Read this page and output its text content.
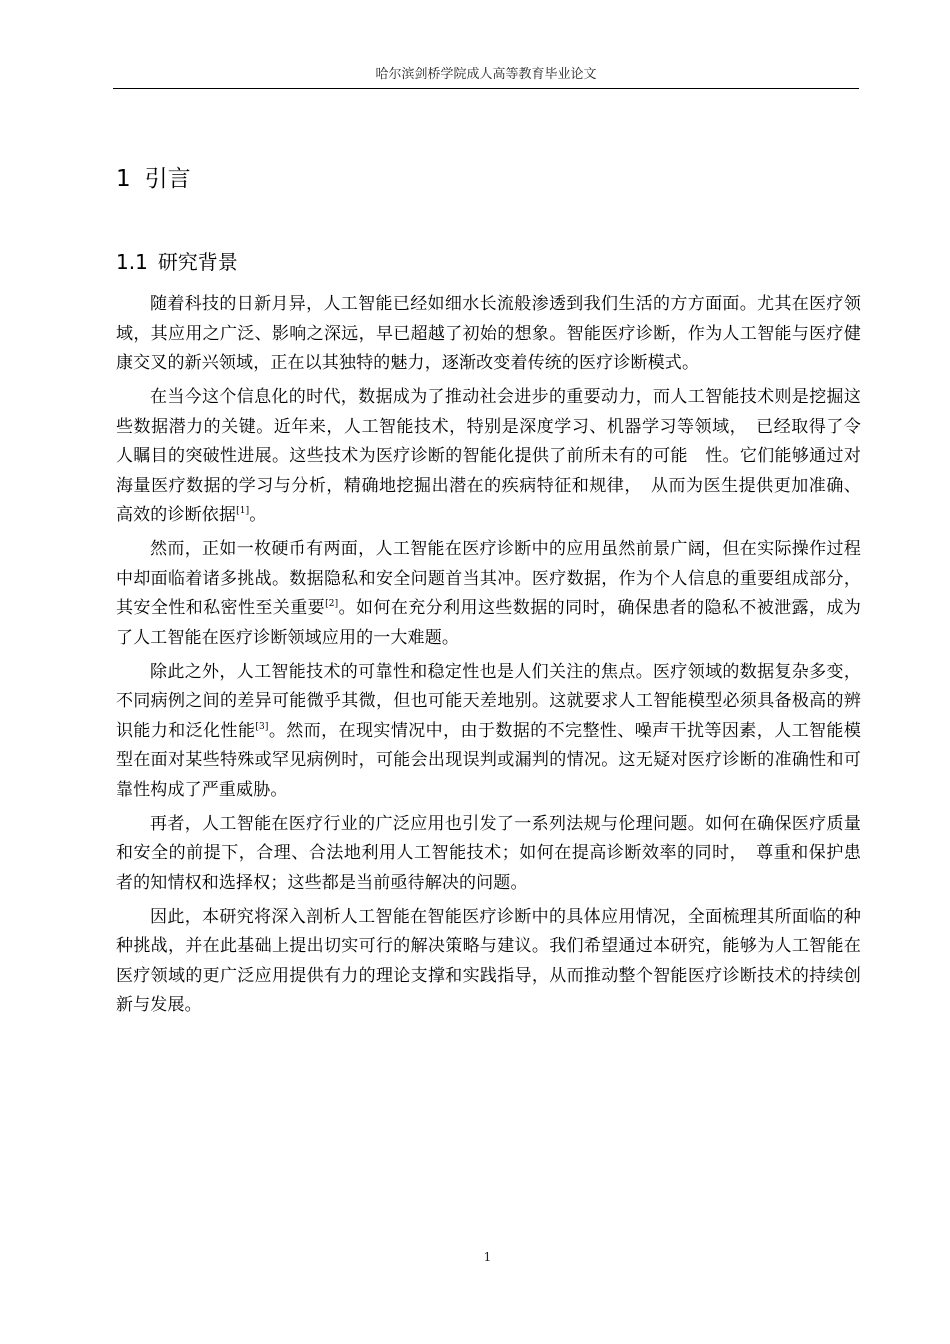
哈尔滨剑桥学院成人高等教育毕业论文
1 引言
1.1 研究背景

随着科技的日新月异，人工智能已经如细水长流般渗透到我们生活的方方面面。尤其在医疗领域，其应用之广泛、影响之深远，早已超越了初始的想象。智能医疗诊断，作为人工智能与医疗健康交叉的新兴领域，正在以其独特的魅力，逐渐改变着传统的医疗诊断模式。

在当今这个信息化的时代，数据成为了推动社会进步的重要动力，而人工智能技术则是挖掘这些数据潜力的关键。近年来，人工智能技术，特别是深度学习、机器学习等领域，　已经取得了令人瞩目的突破性进展。这些技术为医疗诊断的智能化提供了前所未有的可能　性。它们能够通过对海量医疗数据的学习与分析，精确地挖掘出潜在的疾病特征和规律，　从而为医生提供更加准确、高效的诊断依据[1]。

然而，正如一枚硬币有两面，人工智能在医疗诊断中的应用虽然前景广阔，但在实际操作过程中却面临着诸多挑战。数据隐私和安全问题首当其冲。医疗数据，作为个人信息的重要组成部分，其安全性和私密性至关重要[2]。如何在充分利用这些数据的同时，确保患者的隐私不被泄露，成为了人工智能在医疗诊断领域应用的一大难题。

除此之外，人工智能技术的可靠性和稳定性也是人们关注的焦点。医疗领域的数据复杂多变，不同病例之间的差异可能微乎其微，但也可能天差地别。这就要求人工智能模型必须具备极高的辨识能力和泛化性能[3]。然而，在现实情况中，由于数据的不完整性、噪声干扰等因素，人工智能模型在面对某些特殊或罕见病例时，可能会出现误判或漏判的情况。这无疑对医疗诊断的准确性和可靠性构成了严重威胁。

再者，人工智能在医疗行业的广泛应用也引发了一系列法规与伦理问题。如何在确保医疗质量和安全的前提下，合理、合法地利用人工智能技术；如何在提高诊断效率的同时，　尊重和保护患者的知情权和选择权；这些都是当前亟待解决的问题。

因此，本研究将深入剖析人工智能在智能医疗诊断中的具体应用情况，全面梳理其所面临的种种挑战，并在此基础上提出切实可行的解决策略与建议。我们希望通过本研究，能够为人工智能在医疗领域的更广泛应用提供有力的理论支撑和实践指导，从而推动整个智能医疗诊断技术的持续创新与发展。

1
